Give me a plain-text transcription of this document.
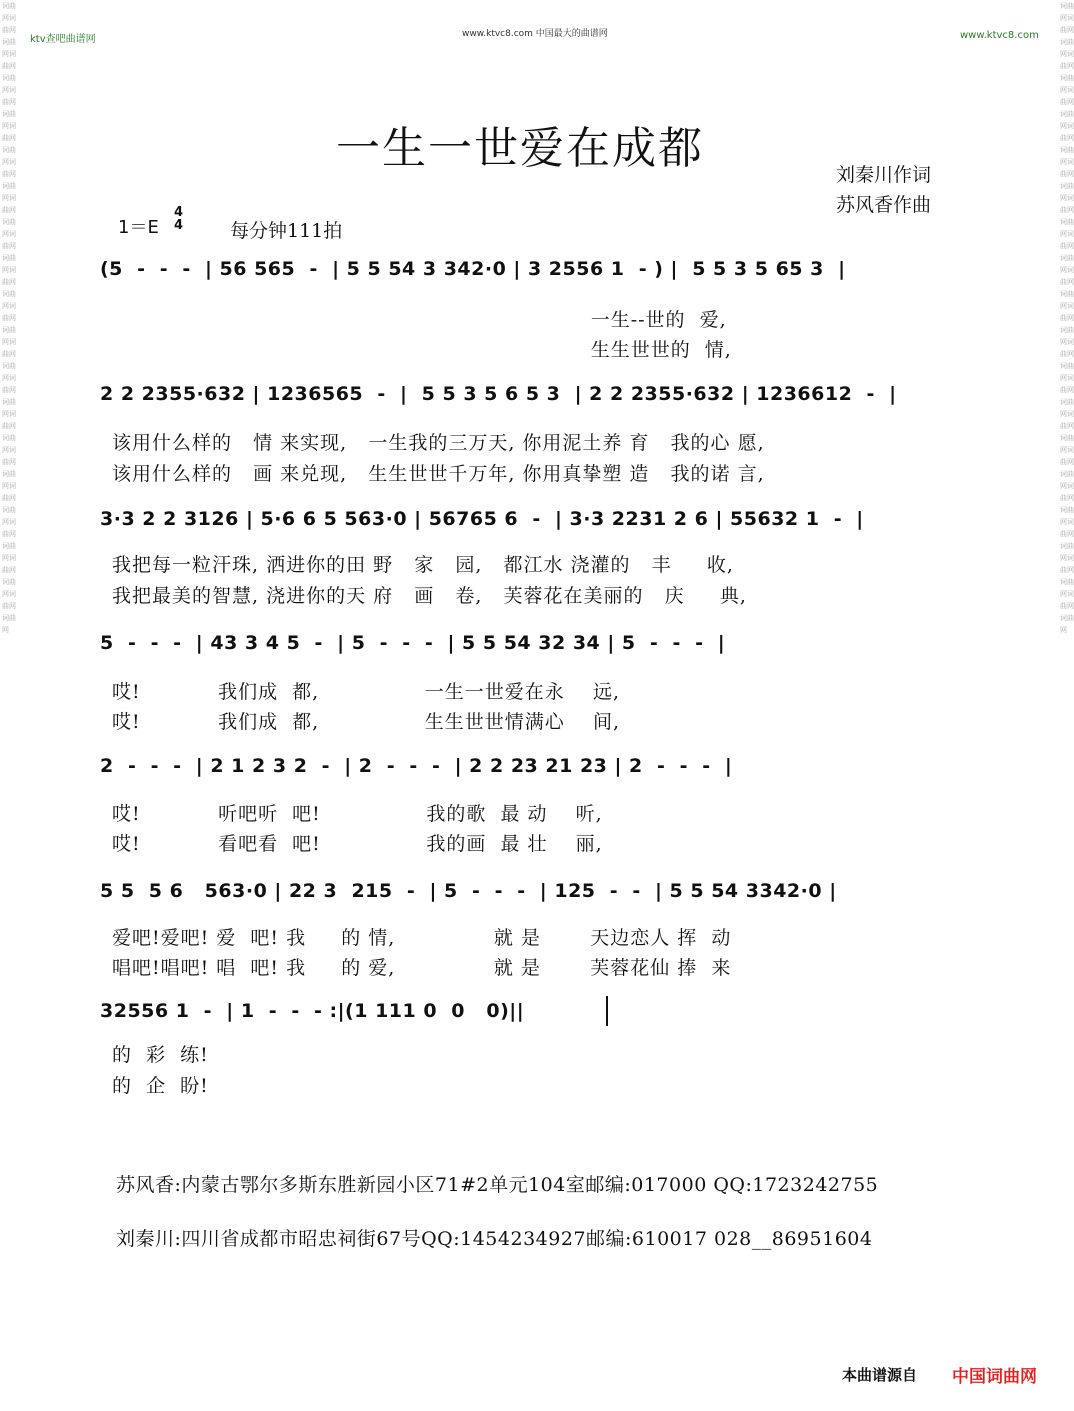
ktv查吧曲谱网	www.ktvc8.com 中国最大的曲谱网	www.ktvc8.com
词曲网词曲网词曲网词曲网词曲网词曲网词曲网词曲网词曲网词曲网词曲网词曲网词曲网词曲网词曲网词曲网词曲网词曲网词曲网词曲网词曲网词曲网词曲网词曲网词曲网词曲网词曲网词曲网词曲网词曲网词曲网词曲网词曲网词曲网词曲网
词曲网词曲网词曲网词曲网词曲网词曲网词曲网词曲网词曲网词曲网词曲网词曲网词曲网词曲网词曲网词曲网词曲网词曲网词曲网词曲网词曲网词曲网词曲网词曲网词曲网词曲网词曲网词曲网词曲网词曲网词曲网词曲网词曲网词曲网词曲网
一生一世爱在成都
刘秦川作词
苏风香作曲
1＝E
4
4 每分钟111拍
(5  -  -  -  | 56 565  -  | 5 5 54 3 342·0 | 3 2556 1  - ) |  5 5 3 5 65 3  |
一生--世的  爱,
生生世世的  情,
2 2 2355·632 | 1236565  -  |  5 5 3 5 6 5 3  | 2 2 2355·632 | 1236612  -  |
该用什么样的   情 来实现,   一生我的三万天, 你用泥土养 育   我的心 愿,
该用什么样的   画 来兑现,   生生世世千万年, 你用真挚塑 造   我的诺 言,
3·3 2 2 3126 | 5·6 6 5 563·0 | 56765 6  -  | 3·3 2231 2 6 | 55632 1  -  |
我把每一粒汗珠, 洒进你的田 野   家   园,   都江水 浇灌的   丰     收,
我把最美的智慧, 浇进你的天 府   画   卷,   芙蓉花在美丽的   庆     典,
5  -  -  -  | 43 3 4 5  -  | 5  -  -  -  | 5 5 54 32 34 | 5  -  -  -  |
哎!           我们成  都,               一生一世爱在永    远,
哎!           我们成  都,               生生世世情满心    间,
2  -  -  -  | 2 1 2 3 2  -  | 2  -  -  -  | 2 2 23 21 23 | 2  -  -  -  |
哎!           听吧听  吧!               我的歌  最 动    听,
哎!           看吧看  吧!               我的画  最 壮    丽,
5 5  5 6   563·0 | 22 3  215  -  | 5  -  -  -  | 125  -  -  | 5 5 54 3342·0 |
爱吧!爱吧! 爱  吧! 我     的 情,              就 是       天边恋人 挥  动
唱吧!唱吧! 唱  吧! 我     的 爱,              就 是       芙蓉花仙 捧  来
32556 1  -  | 1  -  -  - :|(1 111 0  0   0)||
的  彩  练!
的  企  盼!
苏风香:内蒙古鄂尔多斯东胜新园小区71#2单元104室邮编:017000 QQ:1723242755
刘秦川:四川省成都市昭忠祠街67号QQ:1454234927邮编:610017 028__86951604
本曲谱源自 中国词曲网
